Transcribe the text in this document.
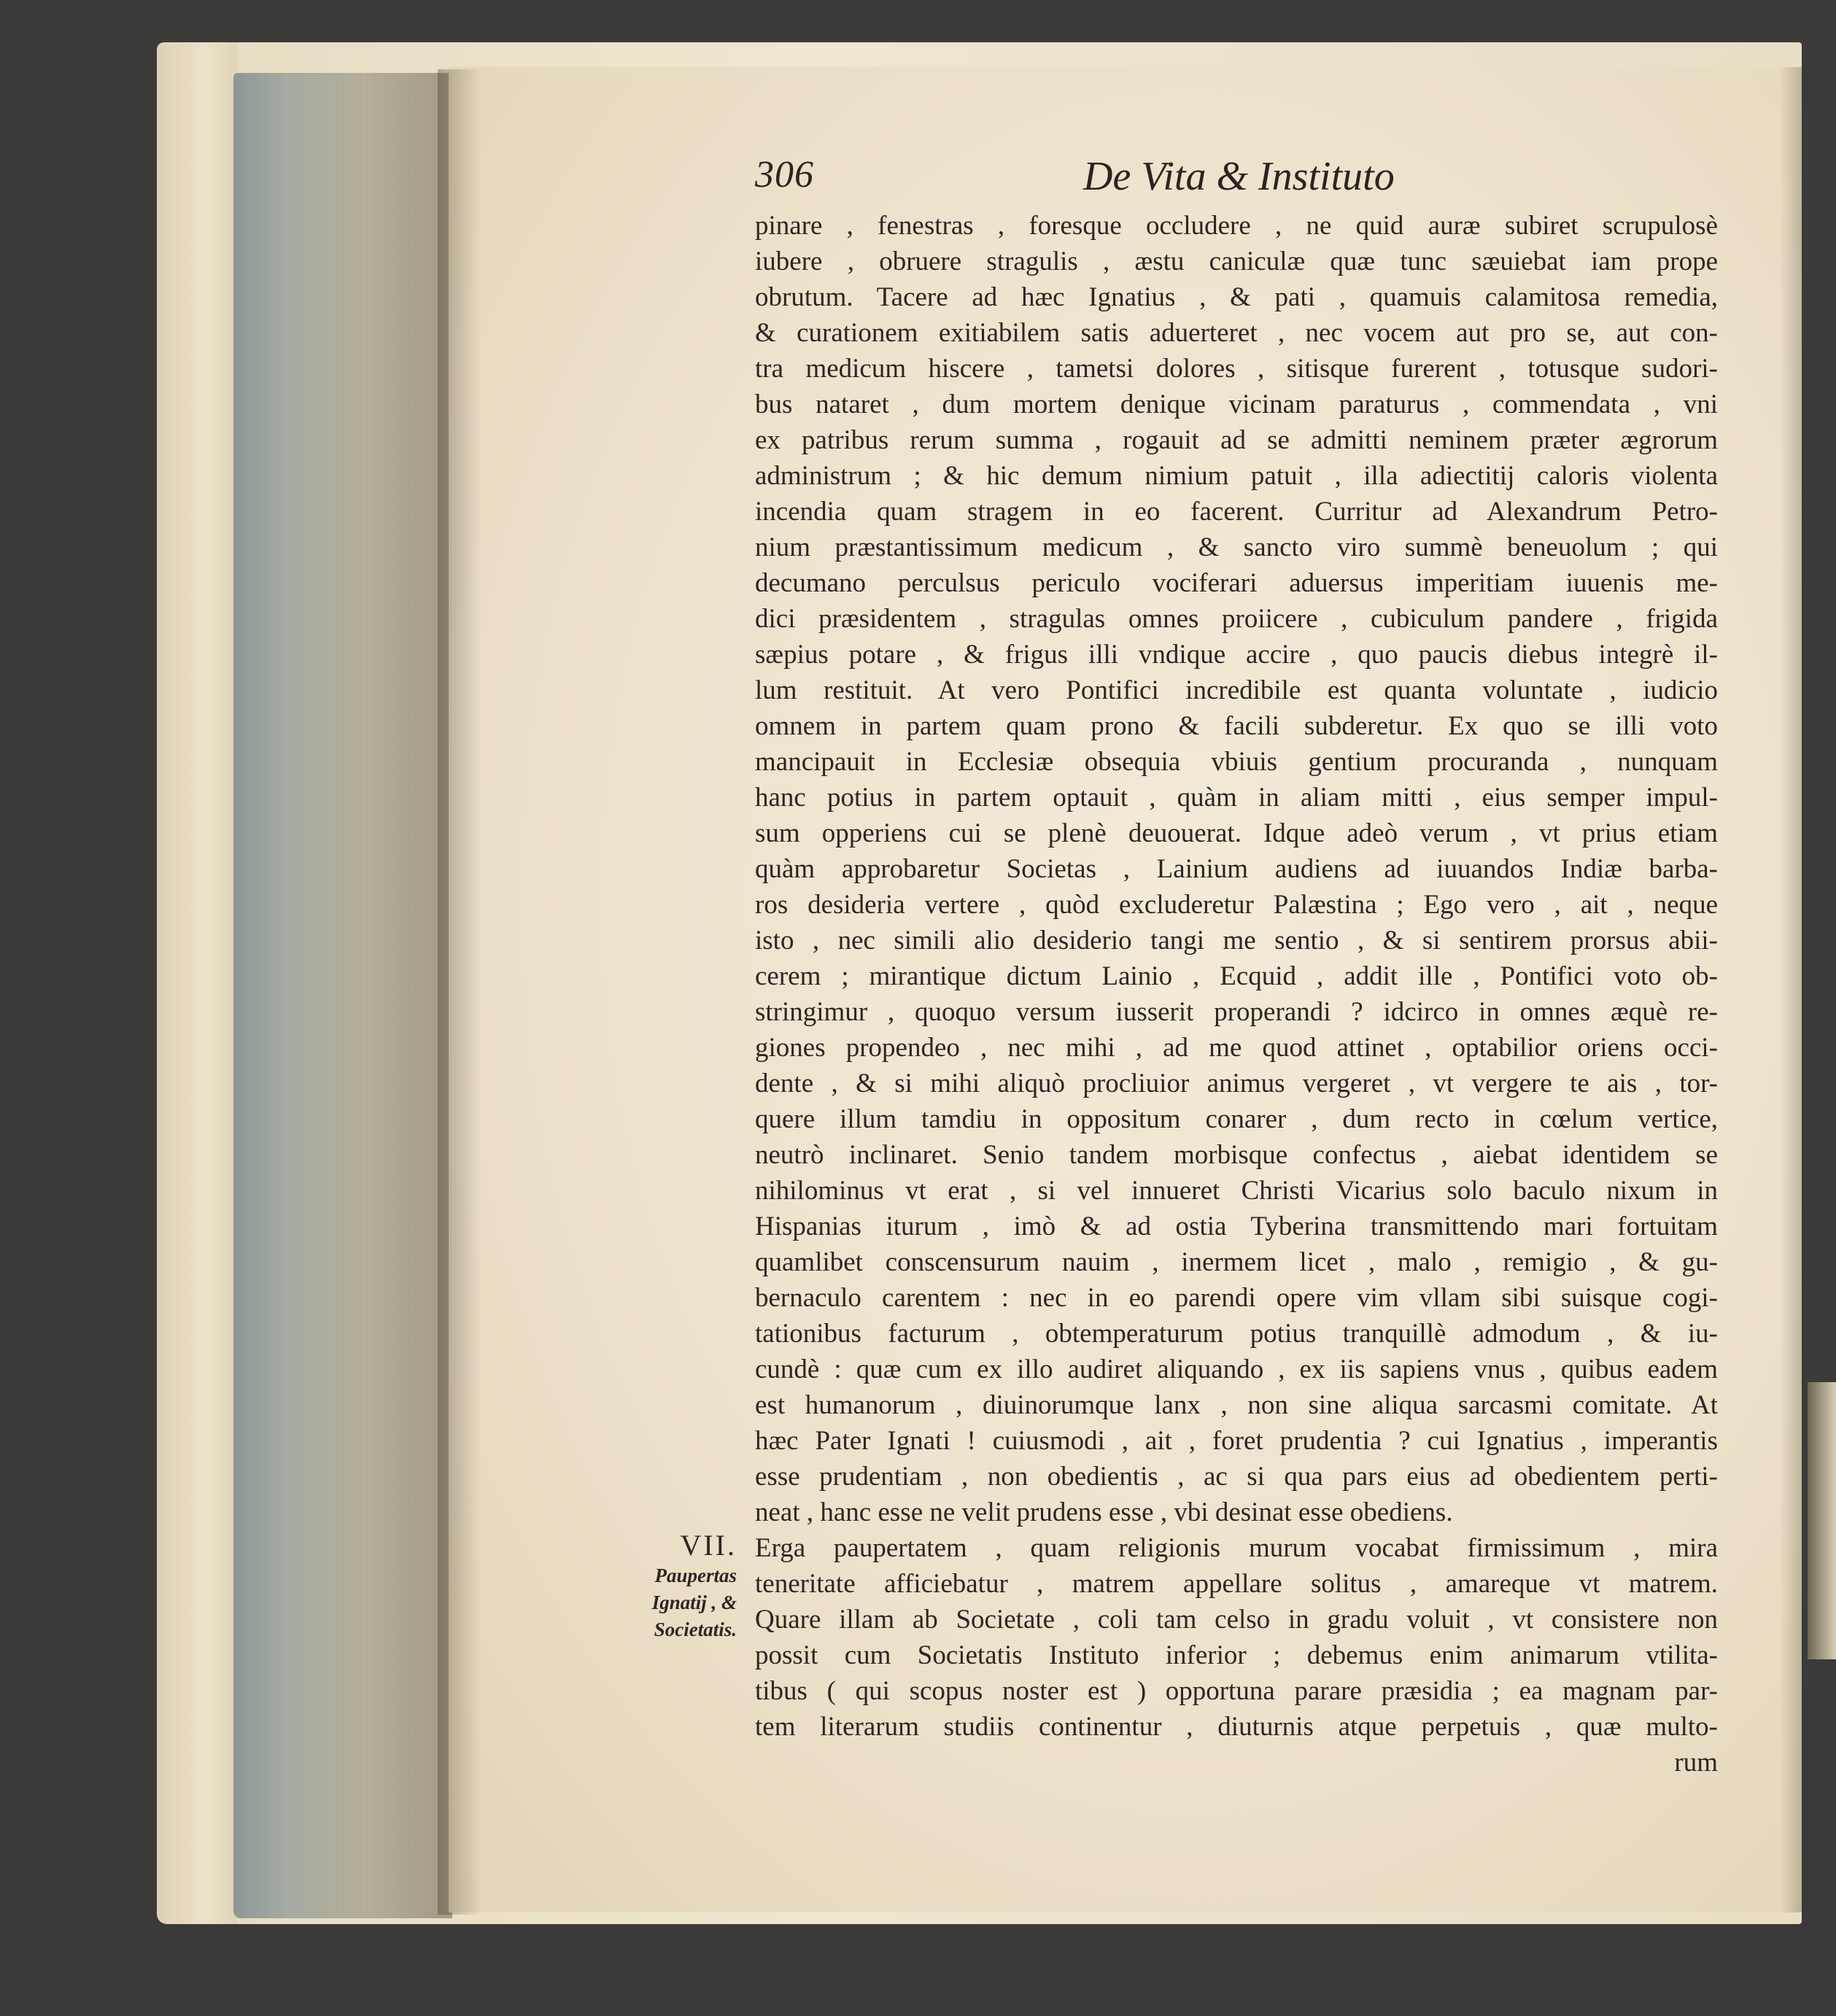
306	De Vita & Instituto
pinare , fenestras , foresque occludere , ne quid auræ subiret scrupulosè
iubere , obruere stragulis , æstu caniculæ quæ tunc sæuiebat iam prope
obrutum. Tacere ad hæc Ignatius , & pati , quamuis calamitosa remedia,
& curationem exitiabilem satis aduerteret , nec vocem aut pro se, aut con-
tra medicum hiscere , tametsi dolores , sitisque furerent , totusque sudori-
bus nataret , dum mortem denique vicinam paraturus , commendata , vni
ex patribus rerum summa , rogauit ad se admitti neminem præter ægrorum
administrum ; & hic demum nimium patuit , illa adiectitij caloris violenta
incendia quam stragem in eo facerent. Curritur ad Alexandrum Petro-
nium præstantissimum medicum , & sancto viro summè beneuolum ; qui
decumano perculsus periculo vociferari aduersus imperitiam iuuenis me-
dici præsidentem , stragulas omnes proiicere , cubiculum pandere , frigida
sæpius potare , & frigus illi vndique accire , quo paucis diebus integrè il-
lum restituit. At vero Pontifici incredibile est quanta voluntate , iudicio
omnem in partem quam prono & facili subderetur. Ex quo se illi voto
mancipauit in Ecclesiæ obsequia vbiuis gentium procuranda , nunquam
hanc potius in partem optauit , quàm in aliam mitti , eius semper impul-
sum opperiens cui se plenè deuouerat. Idque adeò verum , vt prius etiam
quàm approbaretur Societas , Lainium audiens ad iuuandos Indiæ barba-
ros desideria vertere , quòd excluderetur Palæstina ; Ego vero , ait , neque
isto , nec simili alio desiderio tangi me sentio , & si sentirem prorsus abii-
cerem ; mirantique dictum Lainio , Ecquid , addit ille , Pontifici voto ob-
stringimur , quoquo versum iusserit properandi ? idcirco in omnes æquè re-
giones propendeo , nec mihi , ad me quod attinet , optabilior oriens occi-
dente , & si mihi aliquò procliuior animus vergeret , vt vergere te ais , tor-
quere illum tamdiu in oppositum conarer , dum recto in cœlum vertice,
neutrò inclinaret. Senio tandem morbisque confectus , aiebat identidem se
nihilominus vt erat , si vel innueret Christi Vicarius solo baculo nixum in
Hispanias iturum , imò & ad ostia Tyberina transmittendo mari fortuitam
quamlibet conscensurum nauim , inermem licet , malo , remigio , & gu-
bernaculo carentem : nec in eo parendi opere vim vllam sibi suisque cogi-
tationibus facturum , obtemperaturum potius tranquillè admodum , & iu-
cundè : quæ cum ex illo audiret aliquando , ex iis sapiens vnus , quibus eadem
est humanorum , diuinorumque lanx , non sine aliqua sarcasmi comitate. At
hæc Pater Ignati ! cuiusmodi , ait , foret prudentia ? cui Ignatius , imperantis
esse prudentiam , non obedientis , ac si qua pars eius ad obedientem perti-
neat , hanc esse ne velit prudens esse , vbi desinat esse obediens.
Erga paupertatem , quam religionis murum vocabat firmissimum , mira
teneritate afficiebatur , matrem appellare solitus , amareque vt matrem.
Quare illam ab Societate , coli tam celso in gradu voluit , vt consistere non
possit cum Societatis Instituto inferior ; debemus enim animarum vtilita-
tibus ( qui scopus noster est ) opportuna parare præsidia ; ea magnam par-
tem literarum studiis continentur , diuturnis atque perpetuis , quæ multo-
rum
VII.
Paupertas
Ignatij , &
Societatis.
